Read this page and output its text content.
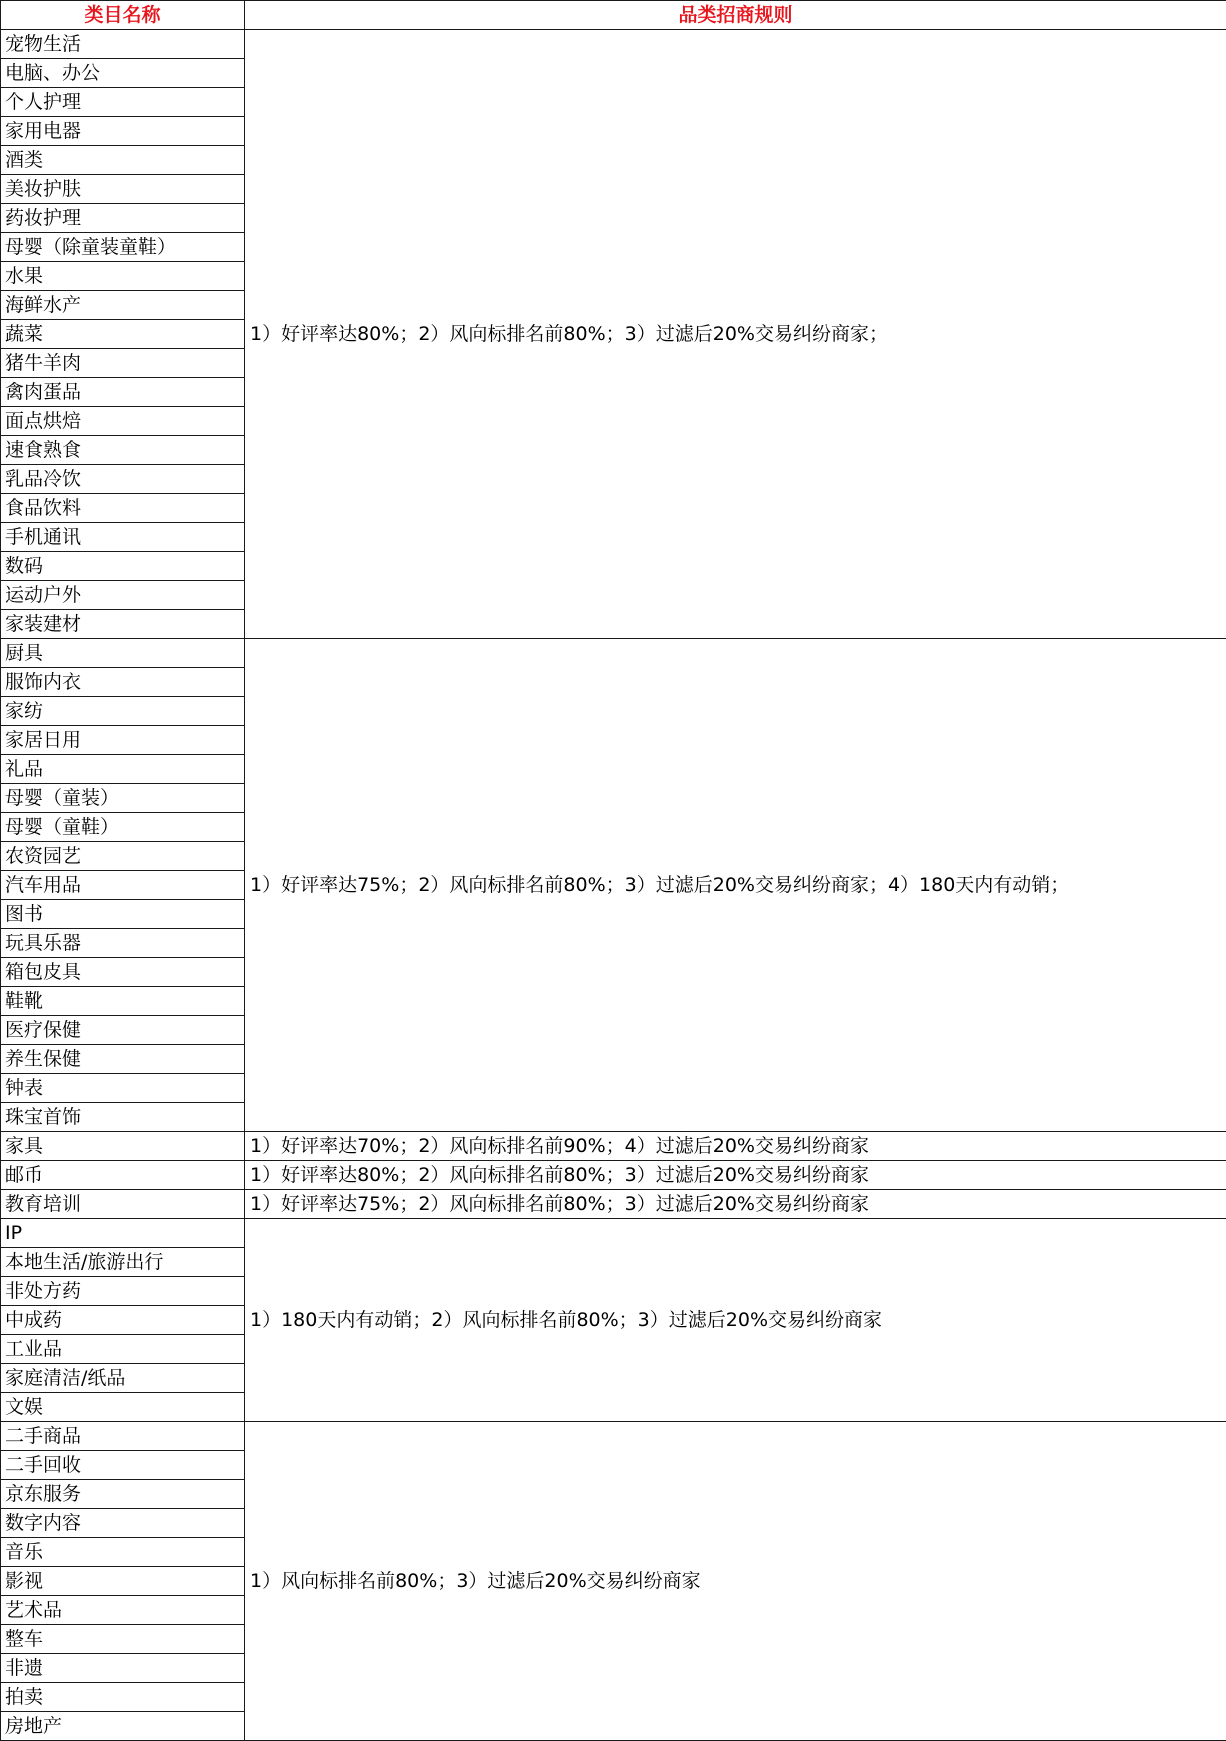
类目名称	品类招商规则
宠物生活	1）好评率达80%；2）风向标排名前80%；3）过滤后20%交易纠纷商家；
电脑、办公	
个人护理	
家用电器	
酒类	
美妆护肤	
药妆护理	
母婴（除童装童鞋）	
水果	
海鲜水产	
蔬菜	
猪牛羊肉	
禽肉蛋品	
面点烘焙	
速食熟食	
乳品冷饮	
食品饮料	
手机通讯	
数码	
运动户外	
家装建材	
厨具	1）好评率达75%；2）风向标排名前80%；3）过滤后20%交易纠纷商家；4）180天内有动销；
服饰内衣	
家纺	
家居日用	
礼品	
母婴（童装）	
母婴（童鞋）	
农资园艺	
汽车用品	
图书	
玩具乐器	
箱包皮具	
鞋靴	
医疗保健	
养生保健	
钟表	
珠宝首饰	
家具	1）好评率达70%；2）风向标排名前90%；4）过滤后20%交易纠纷商家
邮币	1）好评率达80%；2）风向标排名前80%；3）过滤后20%交易纠纷商家
教育培训	1）好评率达75%；2）风向标排名前80%；3）过滤后20%交易纠纷商家
IP	1）180天内有动销；2）风向标排名前80%；3）过滤后20%交易纠纷商家
本地生活/旅游出行	
非处方药	
中成药	
工业品	
家庭清洁/纸品	
文娱	
二手商品	1）风向标排名前80%；3）过滤后20%交易纠纷商家
二手回收	
京东服务	
数字内容	
音乐	
影视	
艺术品	
整车	
非遗	
拍卖	
房地产	
